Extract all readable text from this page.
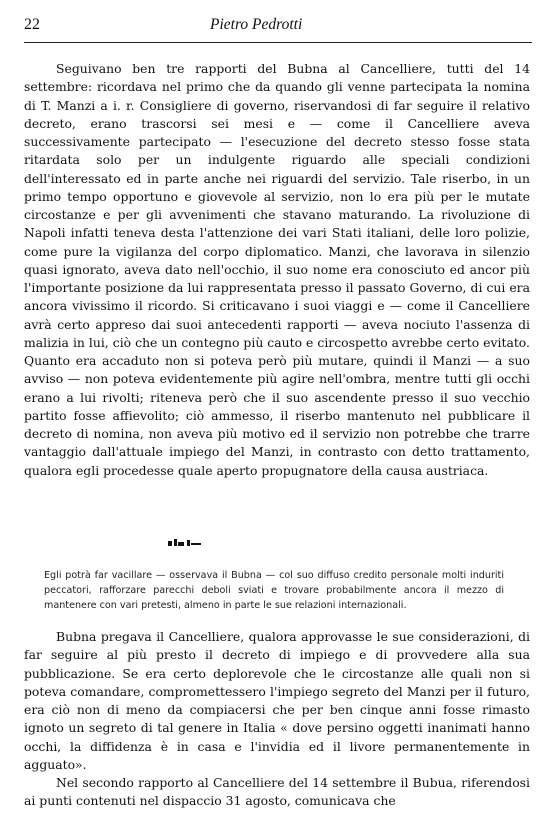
22	Pietro Pedrotti
Seguivano ben tre rapporti del Bubna al Cancelliere, tutti del 14 settembre: ricordava nel primo che da quando gli venne partecipata la nomina di T. Manzi a i. r. Consigliere di governo, riservandosi di far seguire il relativo decreto, erano trascorsi sei mesi e — come il Cancelliere aveva successivamente partecipato — l'esecuzione del decreto stesso fosse stata ritardata solo per un indulgente riguardo alle speciali condizioni dell'interessato ed in parte anche nei riguardi del servizio. Tale riserbo, in un primo tempo opportuno e giovevole al servizio, non lo era più per le mutate circostanze e per gli avvenimenti che stavano maturando. La rivoluzione di Napoli infatti teneva desta l'attenzione dei vari Stati italiani, delle loro polizie, come pure la vigilanza del corpo diplomatico. Manzi, che lavorava in silenzio quasi ignorato, aveva dato nell'occhio, il suo nome era conosciuto ed ancor più l'importante posizione da lui rappresentata presso il passato Governo, di cui era ancora vivissimo il ricordo. Si criticavano i suoi viaggi e — come il Cancelliere avrà certo appreso dai suoi antecedenti rapporti — aveva nociuto l'assenza di malizia in lui, ciò che un contegno più cauto e circospetto avrebbe certo evitato. Quanto era accaduto non si poteva però più mutare, quindi il Manzi — a suo avviso — non poteva evidentemente più agire nell'ombra, mentre tutti gli occhi erano a lui rivolti; riteneva però che il suo ascendente presso il suo vecchio partito fosse affievolito; ciò ammesso, il riserbo mantenuto nel pubblicare il decreto di nomina, non aveva più motivo ed il servizio non potrebbe che trarre vantaggio dall'attuale impiego del Manzi, in contrasto con detto trattamento, qualora egli procedesse quale aperto propugnatore della causa austriaca.
Egli potrà far vacillare — osservava il Bubna — col suo diffuso credito personale molti induriti peccatori, rafforzare parecchi deboli sviati e trovare probabilmente ancora il mezzo di mantenere con vari pretesti, almeno in parte le sue relazioni internazionali.
Bubna pregava il Cancelliere, qualora approvasse le sue considerazioni, di far seguire al più presto il decreto di impiego e di provvedere alla sua pubblicazione. Se era certo deplorevole che le circostanze alle quali non si poteva comandare, compromettessero l'impiego segreto del Manzi per il futuro, era ciò non di meno da compiacersi che per ben cinque anni fosse rimasto ignoto un segreto di tal genere in Italia « dove persino oggetti inanimati hanno occhi, la diffidenza è in casa e l'invidia ed il livore permanentemente in agguato».
Nel secondo rapporto al Cancelliere del 14 settembre il Bubua, riferendosi ai punti contenuti nel dispaccio 31 agosto, comunicava che
